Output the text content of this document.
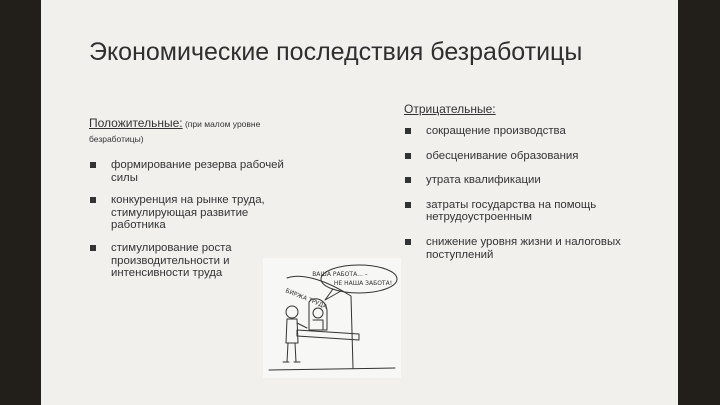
Экономические последствия безработицы
Положительные: (при малом уровне безработицы)
формирование резерва рабочей силы
конкуренция на рынке труда, стимулирующая развитие работника
стимулирование роста производительности и интенсивности труда
Отрицательные:
сокращение производства
обесценивание образования
утрата квалификации
затраты государства на помощь нетрудоустроенным
снижение уровня жизни и налоговых поступлений
ВАША РАБОТА... –
НЕ НАША ЗАБОТА!
БИРЖА ТРУДА
